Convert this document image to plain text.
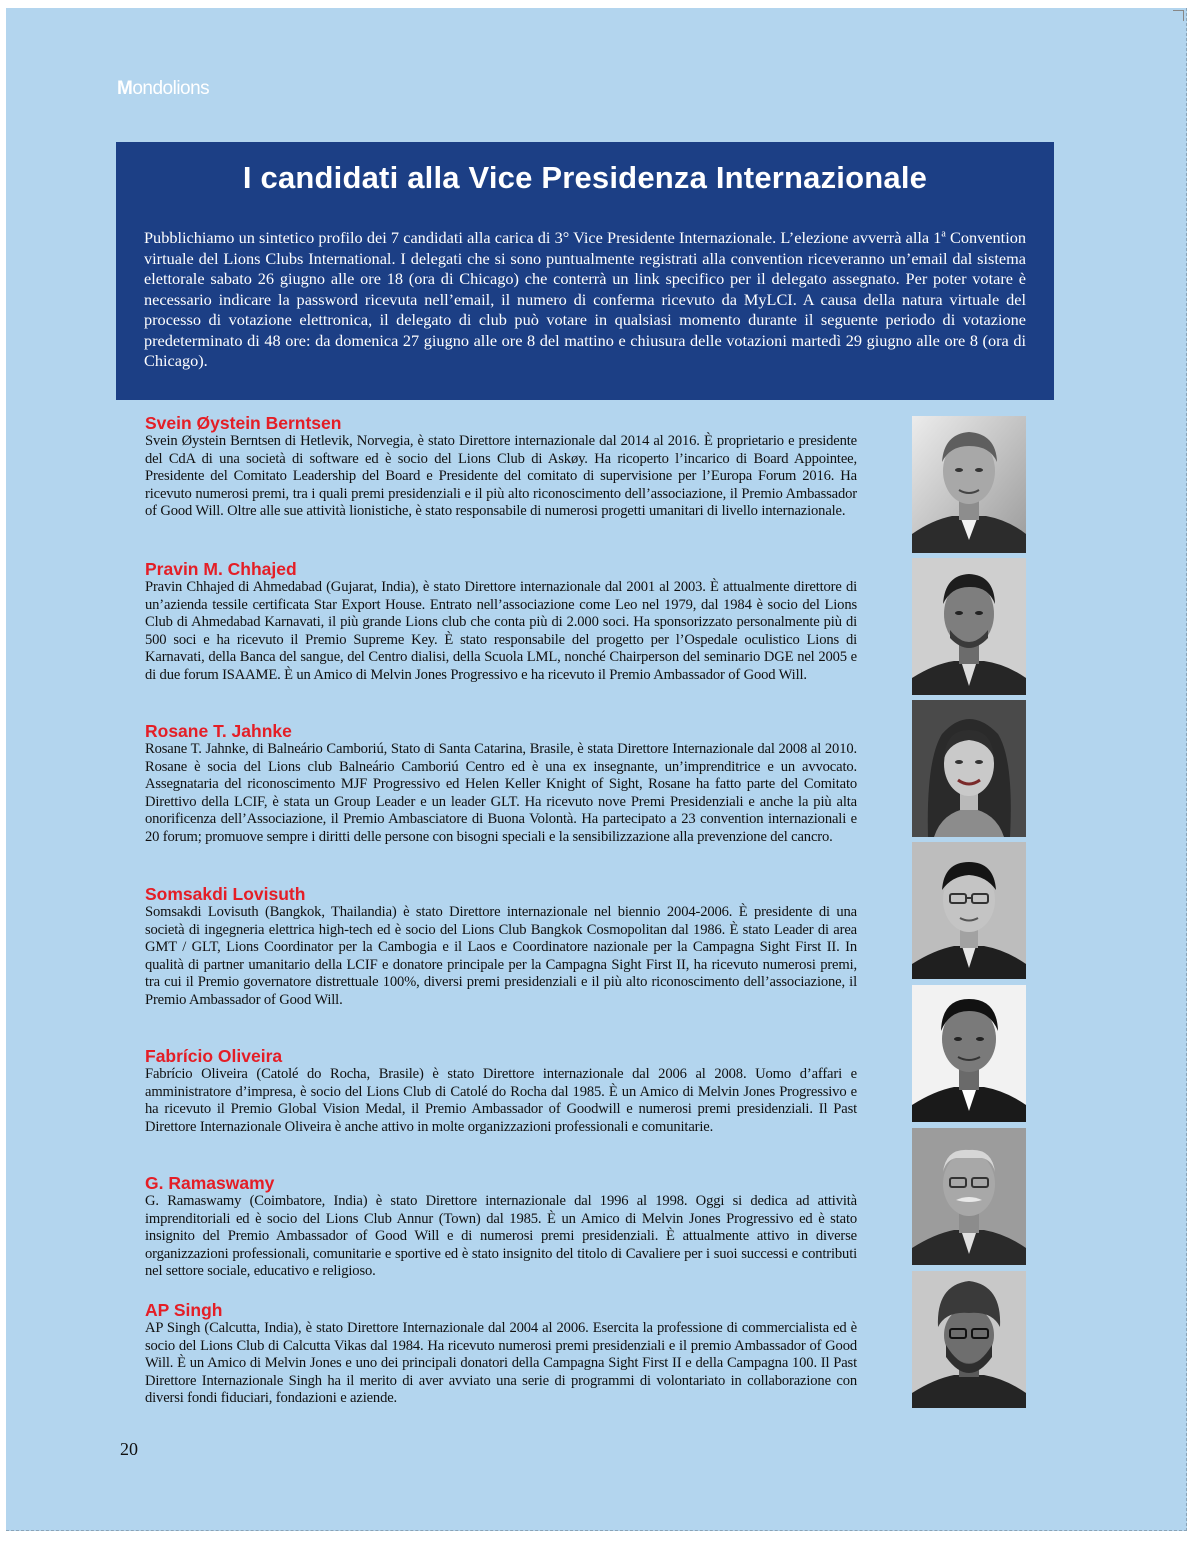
Mondolions
I candidati alla Vice Presidenza Internazionale

Pubblichiamo un sintetico profilo dei 7 candidati alla carica di 3° Vice Presidente Internazionale. L’elezione avverrà alla 1$^a$ Convention virtuale del Lions Clubs International. I delegati che si sono puntualmente registrati alla convention riceveranno un’email dal sistema elettorale sabato 26 giugno alle ore 18 (ora di Chicago) che conterrà un link specifico per il delegato assegnato. Per poter votare è necessario indicare la password ricevuta nell’email, il numero di conferma ricevuto da MyLCI. A causa della natura virtuale del processo di votazione elettronica, il delegato di club può votare in qualsiasi momento durante il seguente periodo di votazione predeterminato di 48 ore: da domenica 27 giugno alle ore 8 del mattino e chiusura delle votazioni martedì 29 giugno alle ore 8 (ora di Chicago).

Svein Øystein Berntsen

Svein Øystein Berntsen di Hetlevik, Norvegia, è stato Direttore internazionale dal 2014 al 2016. È proprietario e presidente del CdA di una società di software ed è socio del Lions Club di Askøy. Ha ricoperto l’incarico di Board Appointee, Presidente del Comitato Leadership del Board e Presidente del comitato di supervisione per l’Europa Forum 2016. Ha ricevuto numerosi premi, tra i quali premi presidenziali e il più alto riconoscimento dell’associazione, il Premio Ambassador of Good Will. Oltre alle sue attività lionistiche, è stato responsabile di numerosi progetti umanitari di livello internazionale.

Pravin M. Chhajed

Pravin Chhajed di Ahmedabad (Gujarat, India), è stato Direttore internazionale dal 2001 al 2003. È attualmente direttore di un’azienda tessile certificata Star Export House. Entrato nell’associazione come Leo nel 1979, dal 1984 è socio del Lions Club di Ahmedabad Karnavati, il più grande Lions club che conta più di 2.000 soci. Ha sponsorizzato personalmente più di 500 soci e ha ricevuto il Premio Supreme Key. È stato responsabile del progetto per l’Ospedale oculistico Lions di Karnavati, della Banca del sangue, del Centro dialisi, della Scuola LML, nonché Chairperson del seminario DGE nel 2005 e di due forum ISAAME. È un Amico di Melvin Jones Progressivo e ha ricevuto il Premio Ambassador of Good Will.

Rosane T. Jahnke

Rosane T. Jahnke, di Balneário Camboriú, Stato di Santa Catarina, Brasile, è stata Direttore Internazionale dal 2008 al 2010. Rosane è socia del Lions club Balneário Camboriú Centro ed è una ex insegnante, un’imprenditrice e un avvocato. Assegnataria del riconoscimento MJF Progressivo ed Helen Keller Knight of Sight, Rosane ha fatto parte del Comitato Direttivo della LCIF, è stata un Group Leader e un leader GLT. Ha ricevuto nove Premi Presidenziali e anche la più alta onorificenza dell’Associazione, il Premio Ambasciatore di Buona Volontà. Ha partecipato a 23 convention internazionali e 20 forum; promuove sempre i diritti delle persone con bisogni speciali e la sensibilizzazione alla prevenzione del cancro.

Somsakdi Lovisuth

Somsakdi Lovisuth (Bangkok, Thailandia) è stato Direttore internazionale nel biennio 2004-2006. È presidente di una società di ingegneria elettrica high-tech ed è socio del Lions Club Bangkok Cosmopolitan dal 1986. È stato Leader di area GMT / GLT, Lions Coordinator per la Cambogia e il Laos e Coordinatore nazionale per la Campagna Sight First II. In qualità di partner umanitario della LCIF e donatore principale per la Campagna Sight First II, ha ricevuto numerosi premi, tra cui il Premio governatore distrettuale 100%, diversi premi presidenziali e il più alto riconoscimento dell’associazione, il Premio Ambassador of Good Will.

Fabrício Oliveira

Fabrício Oliveira (Catolé do Rocha, Brasile) è stato Direttore internazionale dal 2006 al 2008. Uomo d’affari e amministratore d’impresa, è socio del Lions Club di Catolé do Rocha dal 1985. È un Amico di Melvin Jones Progressivo e ha ricevuto il Premio Global Vision Medal, il Premio Ambassador of Goodwill e numerosi premi presidenziali. Il Past Direttore Internazionale Oliveira è anche attivo in molte organizzazioni professionali e comunitarie.

G. Ramaswamy

G. Ramaswamy (Coimbatore, India) è stato Direttore internazionale dal 1996 al 1998. Oggi si dedica ad attività imprenditoriali ed è socio del Lions Club Annur (Town) dal 1985. È un Amico di Melvin Jones Progressivo ed è stato insignito del Premio Ambassador of Good Will e di numerosi premi presidenziali. È attualmente attivo in diverse organizzazioni professionali, comunitarie e sportive ed è stato insignito del titolo di Cavaliere per i suoi successi e contributi nel settore sociale, educativo e religioso.

AP Singh

AP Singh (Calcutta, India), è stato Direttore Internazionale dal 2004 al 2006. Esercita la professione di commercialista ed è socio del Lions Club di Calcutta Vikas dal 1984. Ha ricevuto numerosi premi presidenziali e il premio Ambassador of Good Will. È un Amico di Melvin Jones e uno dei principali donatori della Campagna Sight First II e della Campagna 100. Il Past Direttore Internazionale Singh ha il merito di aver avviato una serie di programmi di volontariato in collaborazione con diversi fondi fiduciari, fondazioni e aziende.

20
